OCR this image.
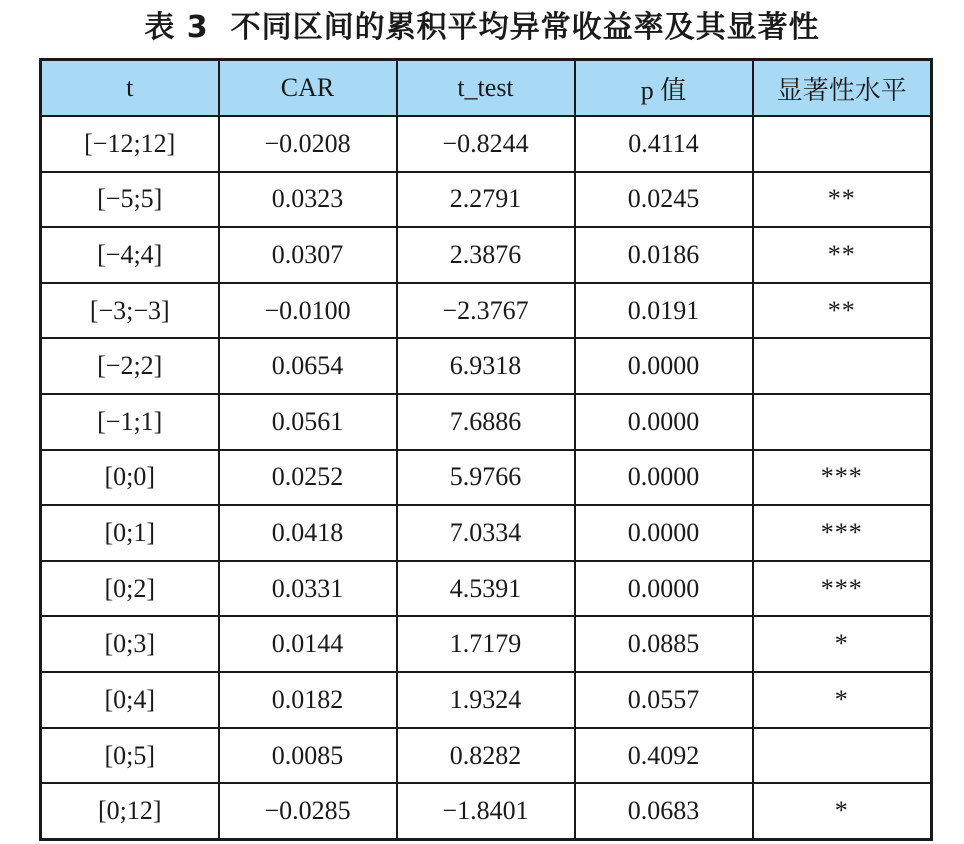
表 3 不同区间的累积平均异常收益率及其显著性
t	CAR	t_test	p 值	显著性水平
[−12;12]	−0.0208	−0.8244	0.4114	
[−5;5]	0.0323	2.2791	0.0245	**
[−4;4]	0.0307	2.3876	0.0186	**
[−3;−3]	−0.0100	−2.3767	0.0191	**
[−2;2]	0.0654	6.9318	0.0000	
[−1;1]	0.0561	7.6886	0.0000	
[0;0]	0.0252	5.9766	0.0000	***
[0;1]	0.0418	7.0334	0.0000	***
[0;2]	0.0331	4.5391	0.0000	***
[0;3]	0.0144	1.7179	0.0885	*
[0;4]	0.0182	1.9324	0.0557	*
[0;5]	0.0085	0.8282	0.4092	
[0;12]	−0.0285	−1.8401	0.0683	*
